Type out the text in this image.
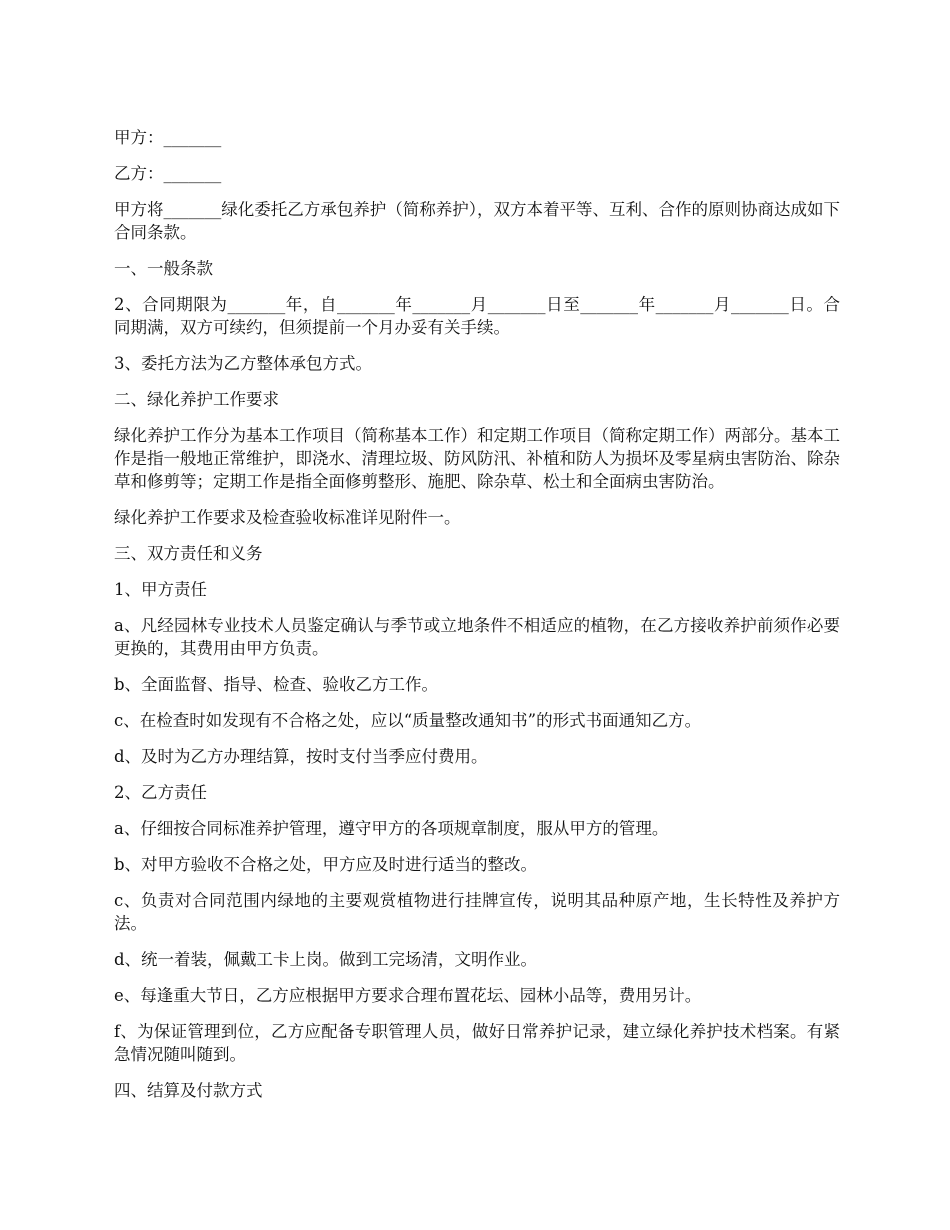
甲方：_______

乙方：_______

甲方将_______绿化委托乙方承包养护（简称养护），双方本着平等、互利、合作的原则协商达成如下合同条款。

一、一般条款

2、合同期限为_______年，自_______年_______月_______日至_______年_______月_______日。合同期满，双方可续约，但须提前一个月办妥有关手续。

3、委托方法为乙方整体承包方式。

二、绿化养护工作要求

绿化养护工作分为基本工作项目（简称基本工作）和定期工作项目（简称定期工作）两部分。基本工作是指一般地正常维护，即浇水、清理垃圾、防风防汛、补植和防人为损坏及零星病虫害防治、除杂草和修剪等；定期工作是指全面修剪整形、施肥、除杂草、松土和全面病虫害防治。

绿化养护工作要求及检查验收标准详见附件一。

三、双方责任和义务

1、甲方责任

a、凡经园林专业技术人员鉴定确认与季节或立地条件不相适应的植物，在乙方接收养护前须作必要更换的，其费用由甲方负责。

b、全面监督、指导、检查、验收乙方工作。

c、在检查时如发现有不合格之处，应以“质量整改通知书”的形式书面通知乙方。

d、及时为乙方办理结算，按时支付当季应付费用。

2、乙方责任

a、仔细按合同标准养护管理，遵守甲方的各项规章制度，服从甲方的管理。

b、对甲方验收不合格之处，甲方应及时进行适当的整改。

c、负责对合同范围内绿地的主要观赏植物进行挂牌宣传，说明其品种原产地，生长特性及养护方法。

d、统一着装，佩戴工卡上岗。做到工完场清，文明作业。

e、每逢重大节日，乙方应根据甲方要求合理布置花坛、园林小品等，费用另计。

f、为保证管理到位，乙方应配备专职管理人员，做好日常养护记录，建立绿化养护技术档案。有紧急情况随叫随到。

四、结算及付款方式
